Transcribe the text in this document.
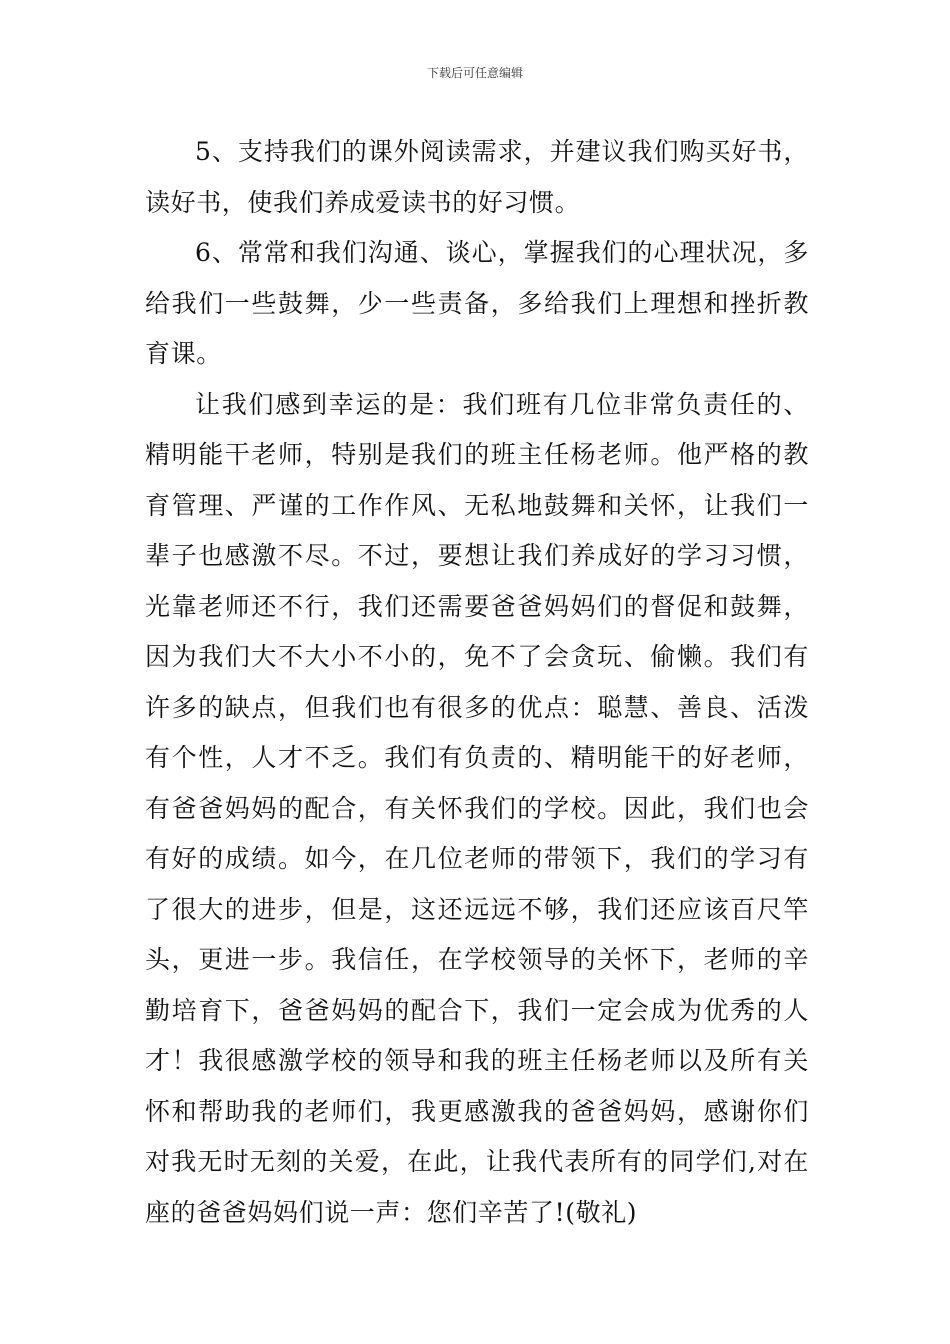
下载后可任意编辑

5、支持我们的课外阅读需求，并建议我们购买好书，读好书，使我们养成爱读书的好习惯。

6、常常和我们沟通、谈心，掌握我们的心理状况，多给我们一些鼓舞，少一些责备，多给我们上理想和挫折教育课。

让我们感到幸运的是：我们班有几位非常负责任的、精明能干老师，特别是我们的班主任杨老师。他严格的教育管理、严谨的工作作风、无私地鼓舞和关怀，让我们一辈子也感激不尽。不过，要想让我们养成好的学习习惯，光靠老师还不行，我们还需要爸爸妈妈们的督促和鼓舞，因为我们大不大小不小的，免不了会贪玩、偷懒。我们有许多的缺点，但我们也有很多的优点：聪慧、善良、活泼有个性，人才不乏。我们有负责的、精明能干的好老师，有爸爸妈妈的配合，有关怀我们的学校。因此，我们也会有好的成绩。如今，在几位老师的带领下，我们的学习有了很大的进步，但是，这还远远不够，我们还应该百尺竿头，更进一步。我信任，在学校领导的关怀下，老师的辛勤培育下，爸爸妈妈的配合下，我们一定会成为优秀的人才！我很感激学校的领导和我的班主任杨老师以及所有关怀和帮助我的老师们，我更感激我的爸爸妈妈，感谢你们对我无时无刻的关爱，在此，让我代表所有的同学们,对在座的爸爸妈妈们说一声：您们辛苦了!(敬礼)
